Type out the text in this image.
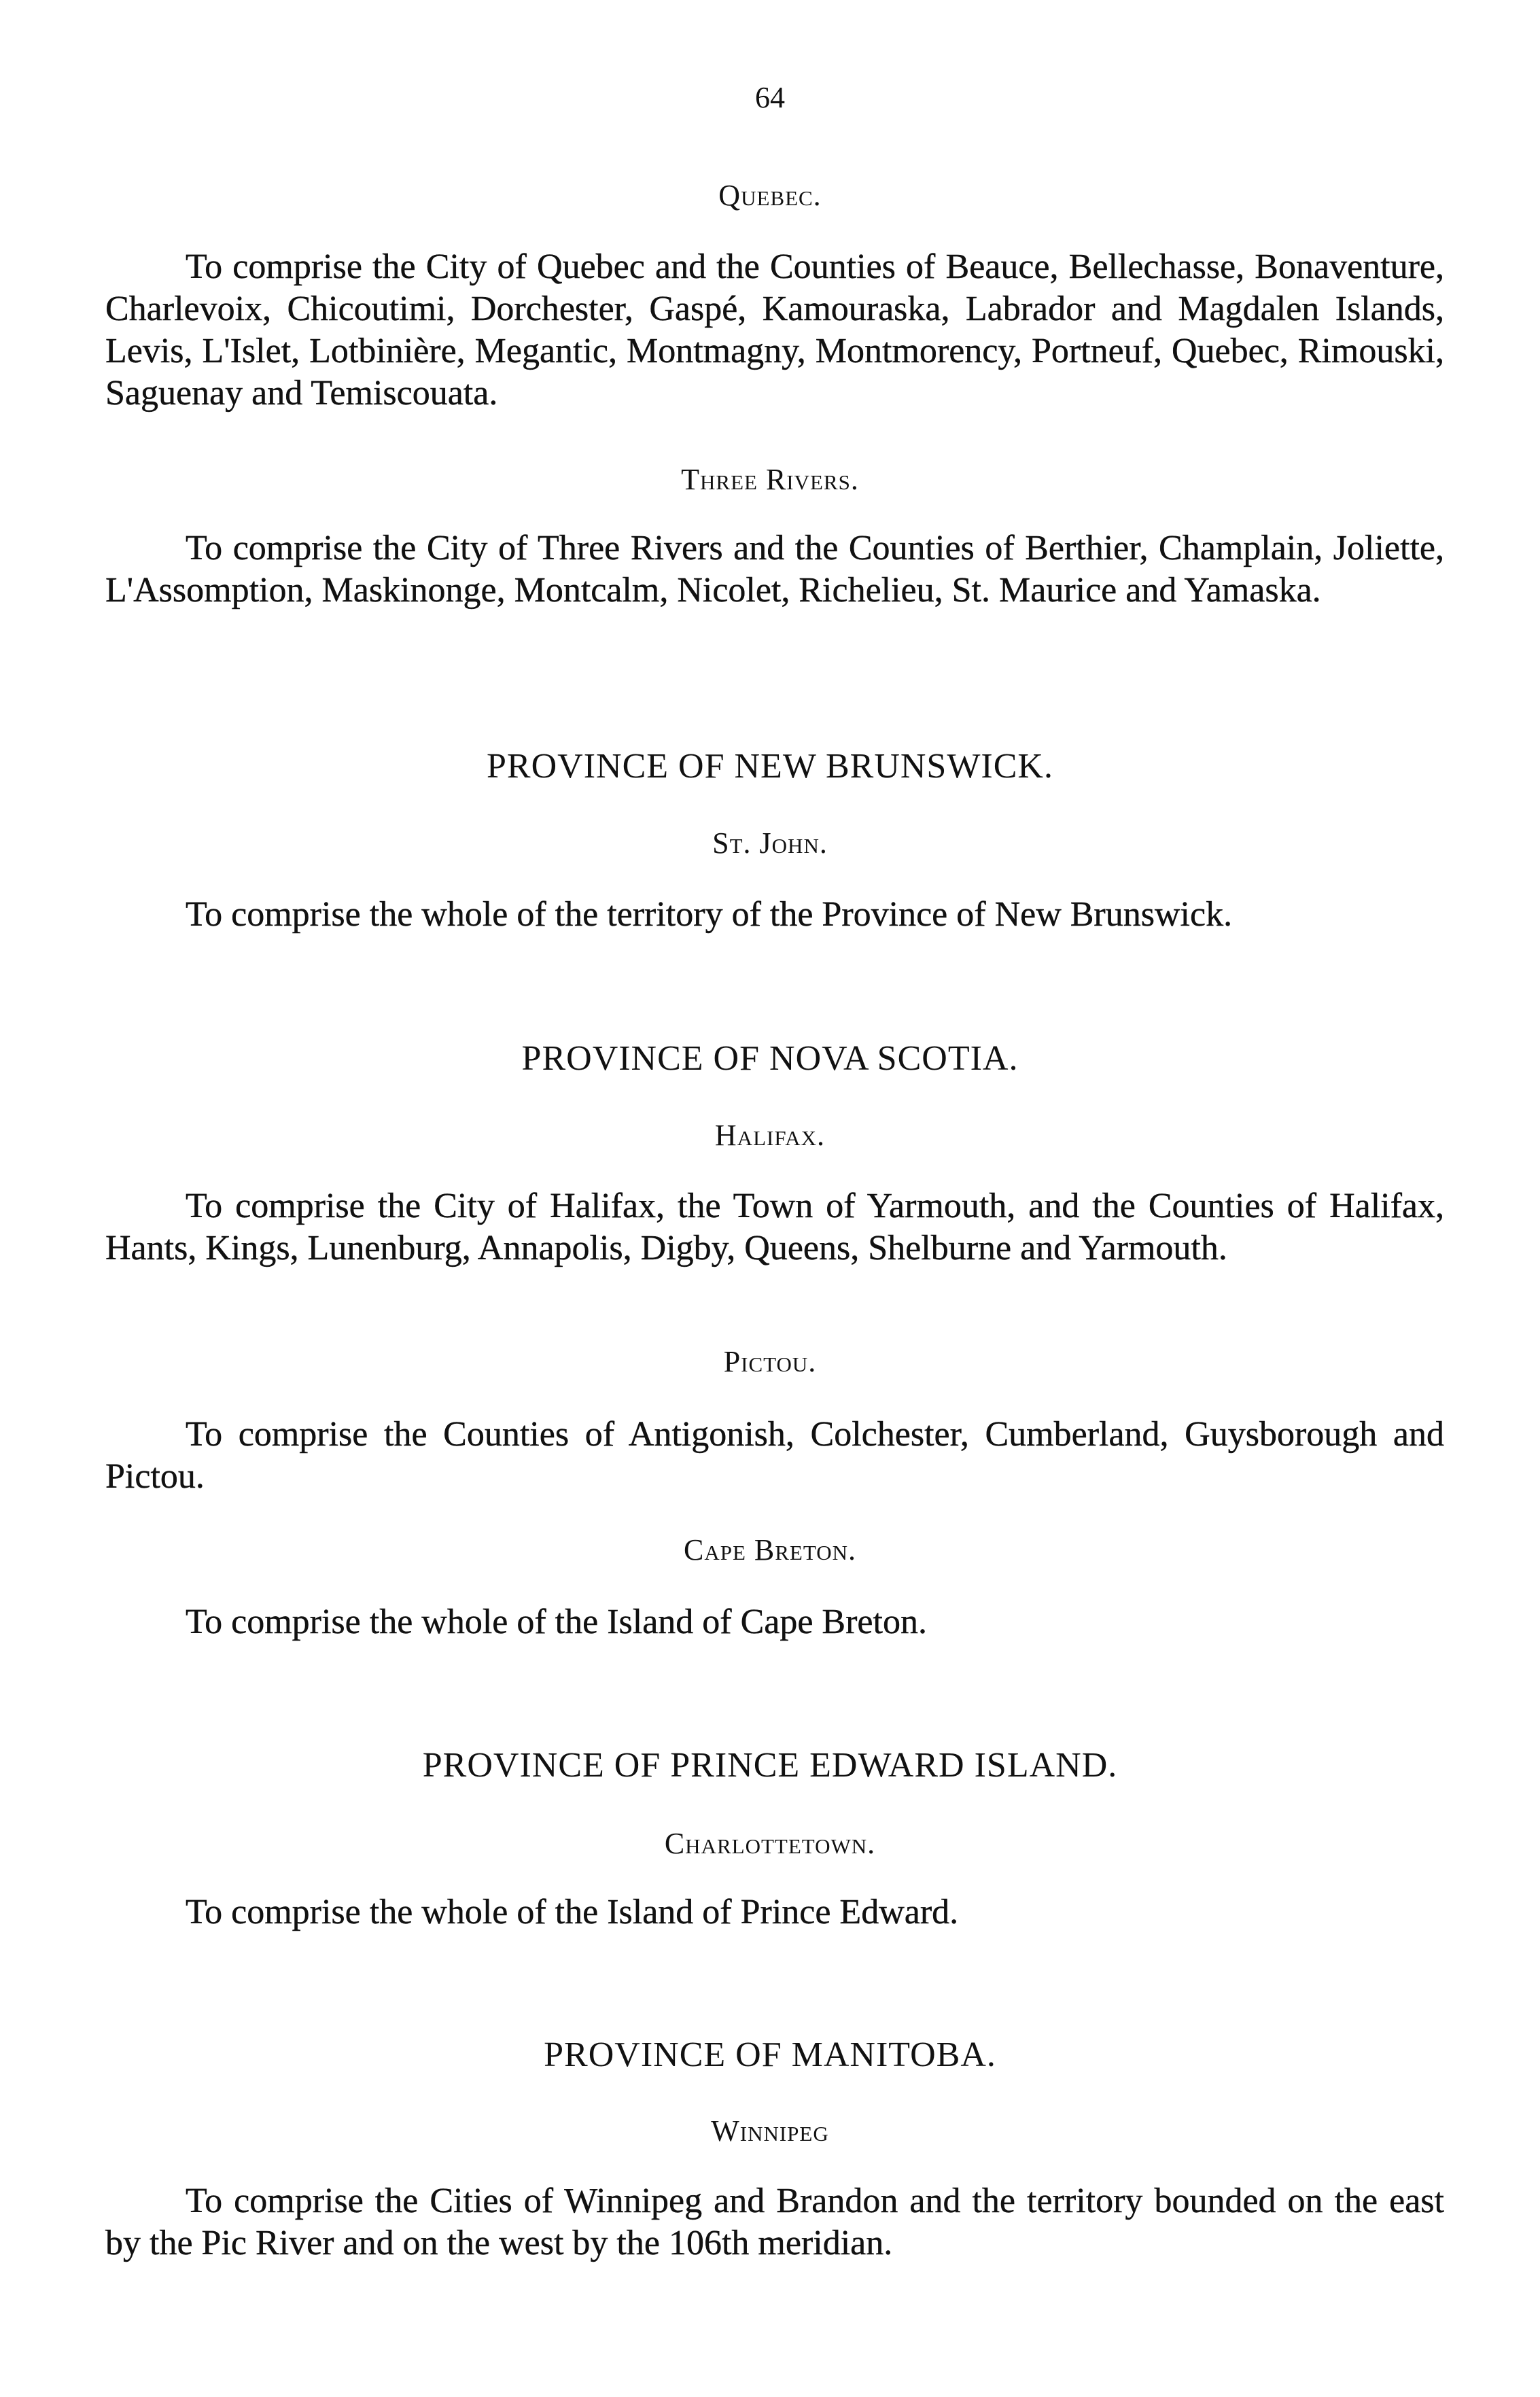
64
Quebec.
To comprise the City of Quebec and the Counties of Beauce, Bellechasse, Bonaventure, Charlevoix, Chicoutimi, Dorchester, Gaspé, Kamouraska, Labrador and Magdalen Islands, Levis, L'Islet, Lotbinière, Megantic, Montmagny, Montmorency, Portneuf, Quebec, Rimouski, Saguenay and Temiscouata.
Three Rivers.
To comprise the City of Three Rivers and the Counties of Berthier, Champlain, Joliette, L'Assomption, Maskinonge, Montcalm, Nicolet, Richelieu, St. Maurice and Yamaska.
PROVINCE OF NEW BRUNSWICK.
St. John.
To comprise the whole of the territory of the Province of New Brunswick.
PROVINCE OF NOVA SCOTIA.
Halifax.
To comprise the City of Halifax, the Town of Yarmouth, and the Counties of Halifax, Hants, Kings, Lunenburg, Annapolis, Digby, Queens, Shelburne and Yarmouth.
Pictou.
To comprise the Counties of Antigonish, Colchester, Cumberland, Guysborough and Pictou.
Cape Breton.
To comprise the whole of the Island of Cape Breton.
PROVINCE OF PRINCE EDWARD ISLAND.
Charlottetown.
To comprise the whole of the Island of Prince Edward.
PROVINCE OF MANITOBA.
Winnipeg
To comprise the Cities of Winnipeg and Brandon and the territory bounded on the east by the Pic River and on the west by the 106th meridian.
